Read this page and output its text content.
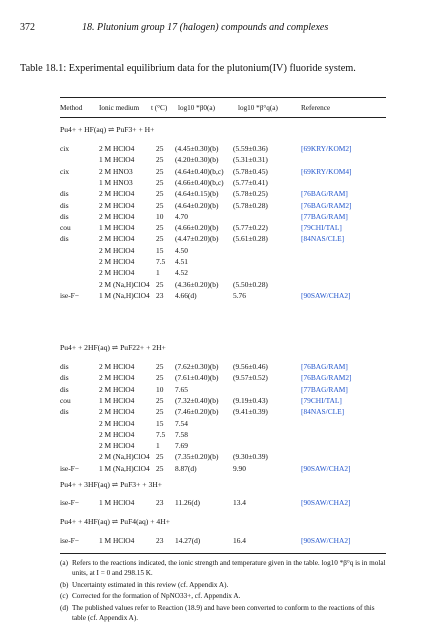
372	18. Plutonium group 17 (halogen) compounds and complexes
Table 18.1: Experimental equilibrium data for the plutonium(IV) fluoride system.
Method Ionic medium t (°C) log10 *β0(a)	log10 *β°q(a)	Reference
Pu4+ + HF(aq) ⇌ PuF3+ + H+
cix	2 M HClO4	25 (4.45±0.30)(b) (5.59±0.36)	[69KRY/KOM2]
1 M HClO4	25 (4.20±0.30)(b) (5.31±0.31)
cix	2 M HNO3	25 (4.64±0.40)(b,c) (5.78±0.45)	[69KRY/KOM4]
1 M HNO3	25 (4.66±0.40)(b,c) (5.77±0.41)
dis	2 M HClO4	25 (4.64±0.15)(b) (5.78±0.25)	[76BAG/RAM]
dis	2 M HClO4	25 (4.64±0.20)(b) (5.78±0.28)	[76BAG/RAM2]
dis	2 M HClO4	10 4.70	[77BAG/RAM]
cou	1 M HClO4	25 (4.66±0.20)(b) (5.77±0.22)	[79CHI/TAL]
dis	2 M HClO4	25 (4.47±0.20)(b) (5.61±0.28)	[84NAS/CLE]
2 M HClO4	15 4.50
2 M HClO4	7.5 4.51
2 M HClO4	1 4.52
2 M (Na,H)ClO4 25 (4.36±0.20)(b) (5.50±0.28)
ise-F−	1 M (Na,H)ClO4 23 4.66(d)	5.76	[90SAW/CHA2]
Pu4+ + 2HF(aq) ⇌ PuF22+ + 2H+
dis	2 M HClO4	25 (7.62±0.30)(b) (9.56±0.46)	[76BAG/RAM]
dis	2 M HClO4	25 (7.61±0.40)(b) (9.57±0.52)	[76BAG/RAM2]
dis	2 M HClO4	10 7.65	[77BAG/RAM]
cou	1 M HClO4	25 (7.32±0.40)(b) (9.19±0.43)	[79CHI/TAL]
dis	2 M HClO4	25 (7.46±0.20)(b) (9.41±0.39)	[84NAS/CLE]
2 M HClO4	15 7.54
2 M HClO4	7.5 7.58
2 M HClO4	1 7.69
2 M (Na,H)ClO4 25 (7.35±0.20)(b) (9.30±0.39)
ise-F−	1 M (Na,H)ClO4 25 8.87(d)	9.90	[90SAW/CHA2]
Pu4+ + 3HF(aq) ⇌ PuF3+ + 3H+
ise-F−	1 M HClO4	23 11.26(d)	13.4	[90SAW/CHA2]
Pu4+ + 4HF(aq) ⇌ PuF4(aq) + 4H+
ise-F−	1 M HClO4	23 14.27(d)	16.4	[90SAW/CHA2]
(a) Refers to the reactions indicated, the ionic strength and temperature given in the table. log10 *β°q is in molal units, at I = 0 and 298.15 K.
(b) Uncertainty estimated in this review (cf. Appendix A).
(c) Corrected for the formation of NpNO33+, cf. Appendix A.
(d) The published values refer to Reaction (18.9) and have been converted to conform to the reactions of this table (cf. Appendix A).
